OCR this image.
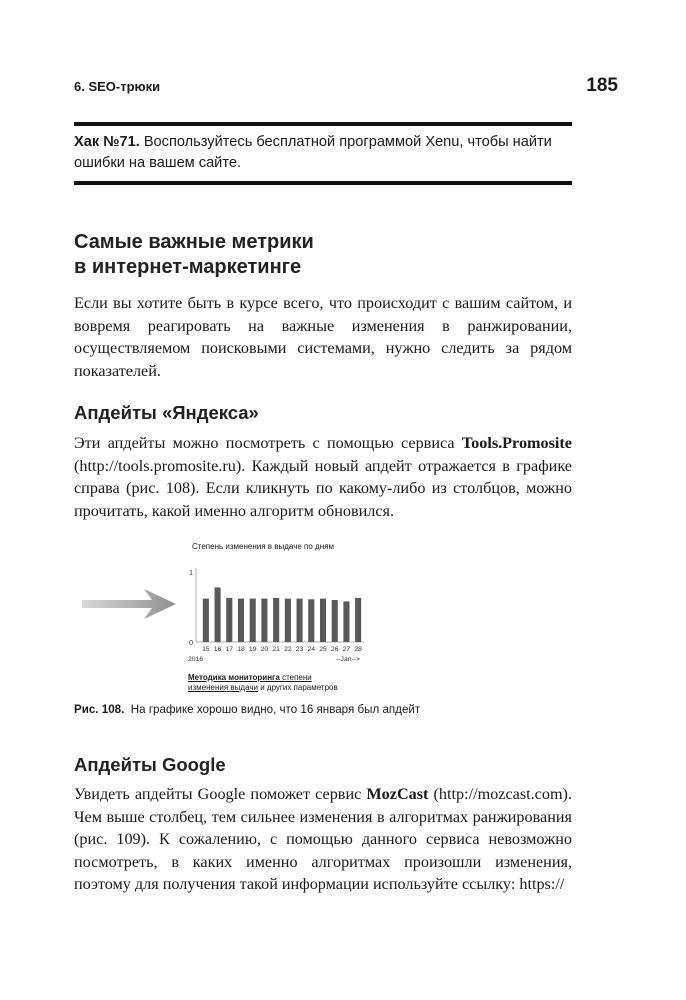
6. SEO-трюки	185
Хак №71. Воспользуйтесь бесплатной программой Xenu, чтобы найти ошибки на вашем сайте.
Самые важные метрики
в интернет-маркетинге
Если вы хотите быть в курсе всего, что происходит с вашим сайтом, и вовремя реагировать на важные изменения в ранжировании, осуществляемом поисковыми системами, нужно следить за рядом показателей.
Апдейты «Яндекса»
Эти апдейты можно посмотреть с помощью сервиса Tools.Promosite (http://tools.promosite.ru). Каждый новый апдейт отражается в графике справа (рис. 108). Если кликнуть по какому-либо из столбцов, можно прочитать, какой именно алгоритм обновился.
Степень изменения в выдаче по дням
0
1
15 16 17 18 19 20 21 22 23 24 25 26 27 28
2016	--Jan-->
Методика мониторинга степени
изменения выдачи и других параметров
Рис. 108. На графике хорошо видно, что 16 января был апдейт
Апдейты Google
Увидеть апдейты Google поможет сервис MozCast (http://mozcast.com). Чем выше столбец, тем сильнее изменения в алгоритмах ранжирования (рис. 109). К сожалению, с помощью данного сервиса невозможно посмотреть, в каких именно алгоритмах произошли изменения, поэтому для получения такой информации используйте ссылку: https://
